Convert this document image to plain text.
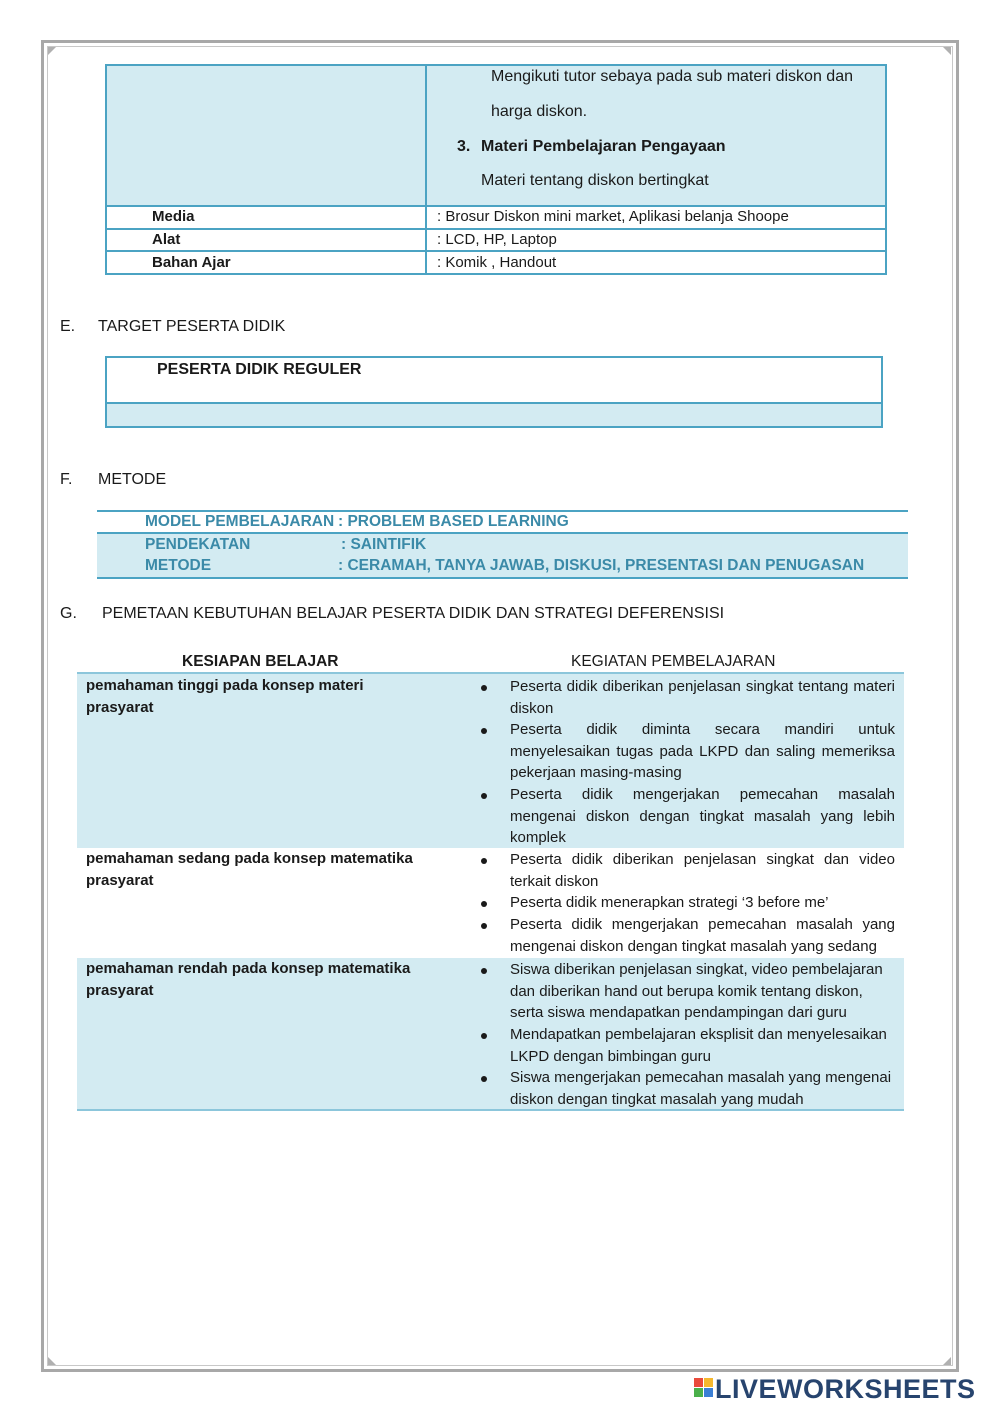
Mengikuti tutor sebaya pada sub materi diskon dan
harga diskon.
3. Materi Pembelajaran Pengayaan
Materi tentang diskon bertingkat
Media	: Brosur Diskon mini market, Aplikasi belanja Shoope
Alat	: LCD, HP, Laptop
Bahan Ajar	: Komik , Handout
E. TARGET PESERTA DIDIK
PESERTA DIDIK REGULER
F. METODE
MODEL PEMBELAJARAN : PROBLEM BASED LEARNING
PENDEKATAN	: SAINTIFIK
METODE	: CERAMAH, TANYA JAWAB, DISKUSI, PRESENTASI DAN PENUGASAN
G. PEMETAAN KEBUTUHAN BELAJAR PESERTA DIDIK DAN STRATEGI DEFERENSISI
KESIAPAN BELAJAR	KEGIATAN PEMBELAJARAN
pemahaman tinggi pada konsep materi
prasyarat
Peserta didik diberikan penjelasan singkat tentang materi diskon
Peserta didik diminta secara mandiri untuk menyelesaikan tugas pada LKPD dan saling memeriksa pekerjaan masing-masing
Peserta didik mengerjakan pemecahan masalah mengenai diskon dengan tingkat masalah yang lebih komplek
pemahaman sedang pada konsep matematika
prasyarat
Peserta didik diberikan penjelasan singkat dan video terkait diskon
Peserta didik menerapkan strategi ‘3 before me’
Peserta didik mengerjakan pemecahan masalah yang mengenai diskon dengan tingkat masalah yang sedang
pemahaman rendah pada konsep matematika
prasyarat
Siswa diberikan penjelasan singkat, video pembelajaran dan diberikan hand out berupa komik tentang diskon, serta siswa mendapatkan pendampingan dari guru
Mendapatkan pembelajaran eksplisit dan menyelesaikan LKPD dengan bimbingan guru
Siswa mengerjakan pemecahan masalah yang mengenai diskon dengan tingkat masalah yang mudah
LIVEWORKSHEETS
